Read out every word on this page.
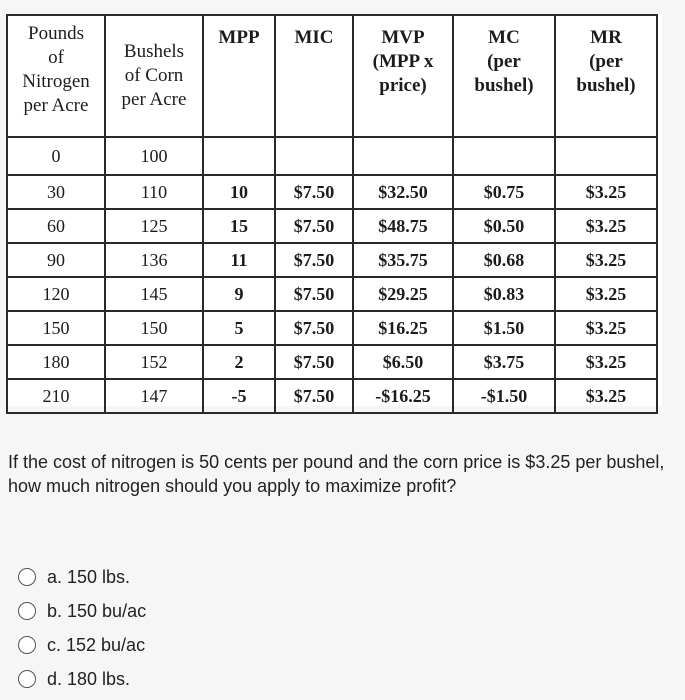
Pounds
of
Nitrogen
per Acre	Bushels
of Corn
per Acre	MPP	MIC	MVP
(MPP x
price)	MC
(per
bushel)	MR
(per
bushel)

0	100					
30	110	10	$7.50	$32.50	$0.75	$3.25
60	125	15	$7.50	$48.75	$0.50	$3.25
90	136	11	$7.50	$35.75	$0.68	$3.25
120	145	9	$7.50	$29.25	$0.83	$3.25
150	150	5	$7.50	$16.25	$1.50	$3.25
180	152	2	$7.50	$6.50	$3.75	$3.25
210	147	-5	$7.50	-$16.25	-$1.50	$3.25
If the cost of nitrogen is 50 cents per pound and the corn price is $3.25 per bushel, how much nitrogen should you apply to maximize profit?
a. 150 lbs.
b. 150 bu/ac
c. 152 bu/ac
d. 180 lbs.
